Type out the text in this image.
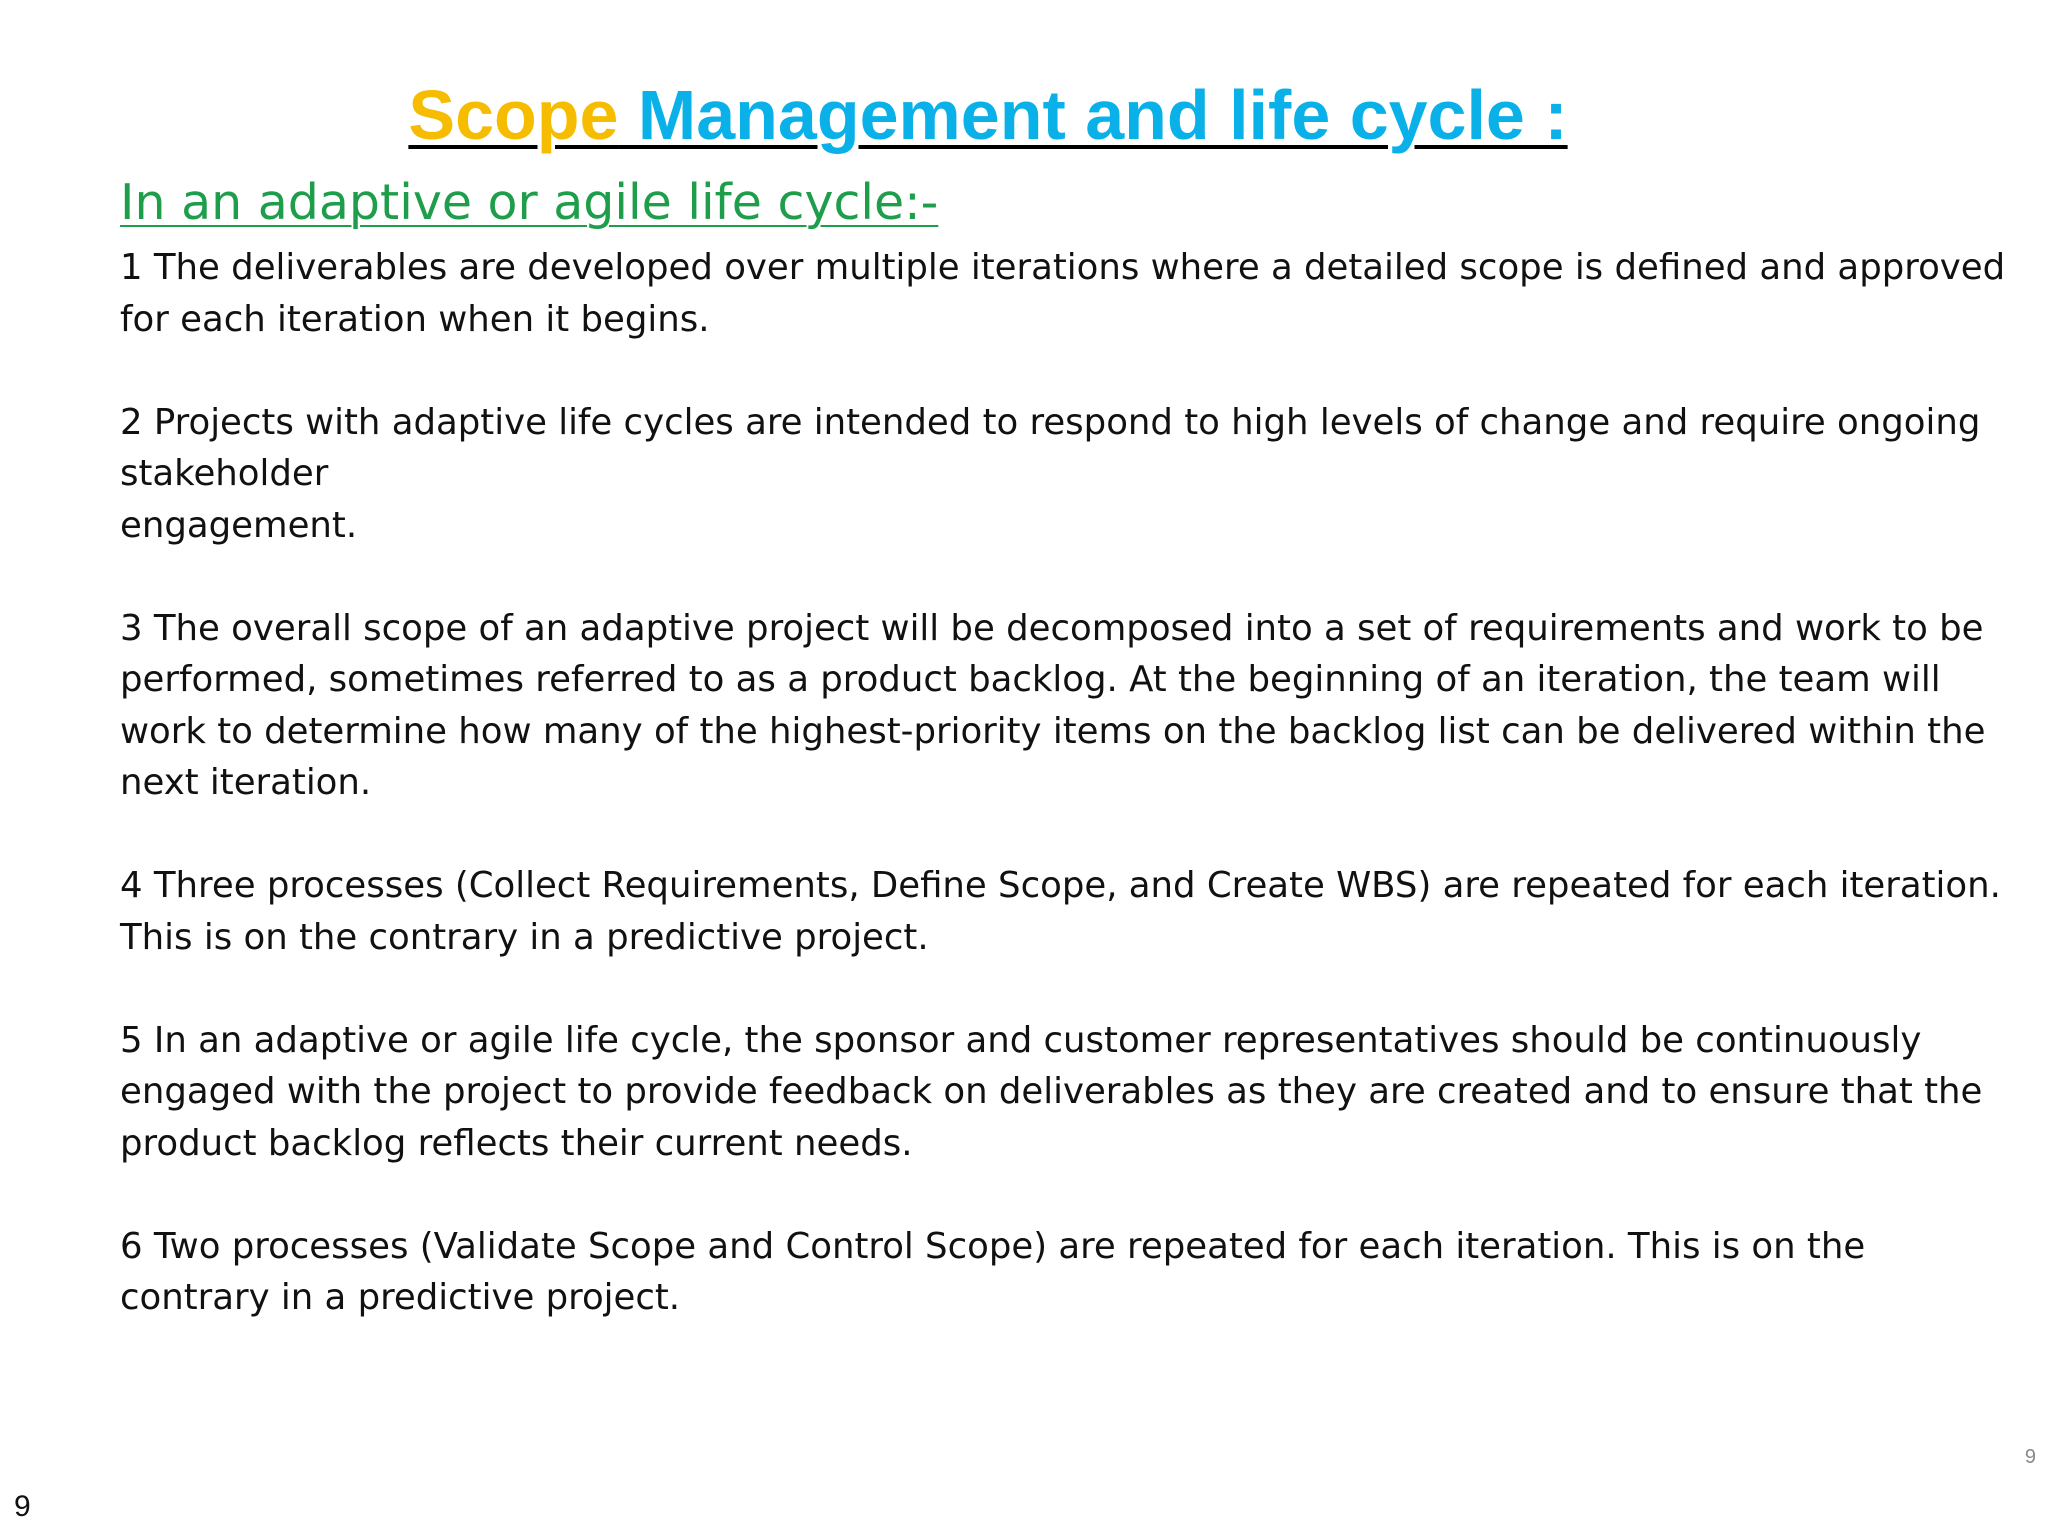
Scope Management and life cycle :
In an adaptive or agile life cycle:-
1 The deliverables are developed over multiple iterations where a detailed scope is defined and approved
for each iteration when it begins.
2 Projects with adaptive life cycles are intended to respond to high levels of change and require ongoing
stakeholder
engagement.
3 The overall scope of an adaptive project will be decomposed into a set of requirements and work to be
performed, sometimes referred to as a product backlog. At the beginning of an iteration, the team will
work to determine how many of the highest-priority items on the backlog list can be delivered within the
next iteration.
4 Three processes (Collect Requirements, Define Scope, and Create WBS) are repeated for each iteration.
This is on the contrary in a predictive project.
5 In an adaptive or agile life cycle, the sponsor and customer representatives should be continuously
engaged with the project to provide feedback on deliverables as they are created and to ensure that the
product backlog reflects their current needs.
6 Two processes (Validate Scope and Control Scope) are repeated for each iteration. This is on the
contrary in a predictive project.
9
9
